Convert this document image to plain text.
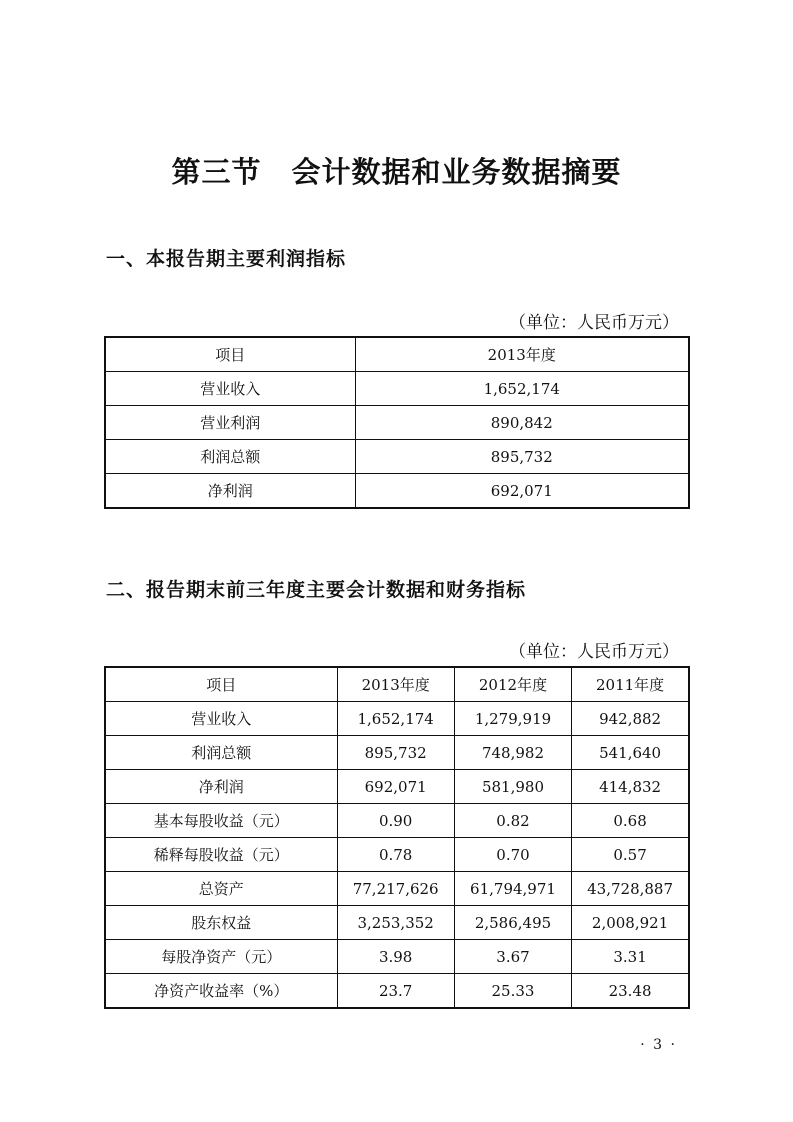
第三节　会计数据和业务数据摘要
一、本报告期主要利润指标
（单位：人民币万元）
项目	2013年度
营业收入	1,652,174
营业利润	890,842
利润总额	895,732
净利润	692,071
二、报告期末前三年度主要会计数据和财务指标
（单位：人民币万元）
项目	2013年度	2012年度	2011年度
营业收入	1,652,174	1,279,919	942,882
利润总额	895,732	748,982	541,640
净利润	692,071	581,980	414,832
基本每股收益（元）	0.90	0.82	0.68
稀释每股收益（元）	0.78	0.70	0.57
总资产	77,217,626	61,794,971	43,728,887
股东权益	3,253,352	2,586,495	2,008,921
每股净资产（元）	3.98	3.67	3.31
净资产收益率（%）	23.7	25.33	23.48
· 3 ·
